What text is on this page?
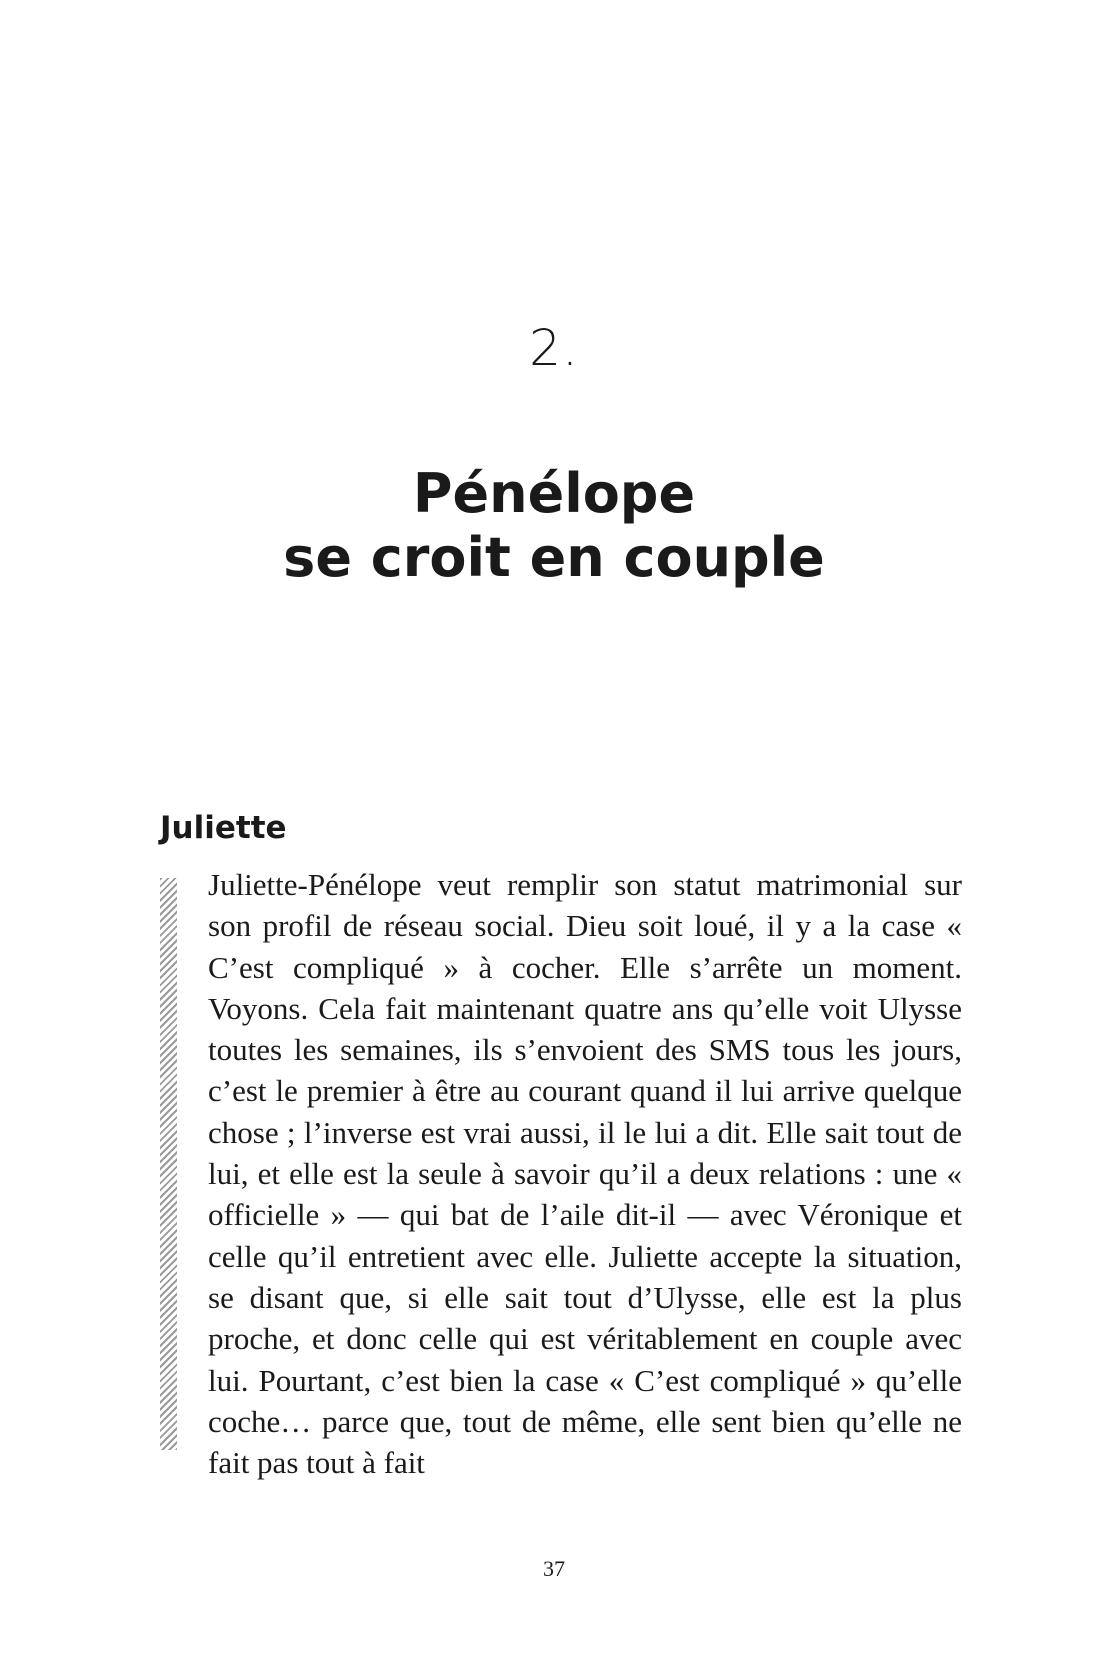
2.
Pénélope
se croit en couple
Juliette

Juliette-Pénélope veut remplir son statut matrimonial sur son profil de réseau social. Dieu soit loué, il y a la case « C’est compliqué » à cocher. Elle s’arrête un moment. Voyons. Cela fait maintenant quatre ans qu’elle voit Ulysse toutes les semaines, ils s’envoient des SMS tous les jours, c’est le premier à être au courant quand il lui arrive quelque chose ; l’inverse est vrai aussi, il le lui a dit. Elle sait tout de lui, et elle est la seule à savoir qu’il a deux relations : une « officielle » — qui bat de l’aile dit-il — avec Véronique et celle qu’il entretient avec elle. Juliette accepte la situation, se disant que, si elle sait tout d’Ulysse, elle est la plus proche, et donc celle qui est véritablement en couple avec lui. Pourtant, c’est bien la case « C’est compliqué » qu’elle coche… parce que, tout de même, elle sent bien qu’elle ne fait pas tout à fait

37
